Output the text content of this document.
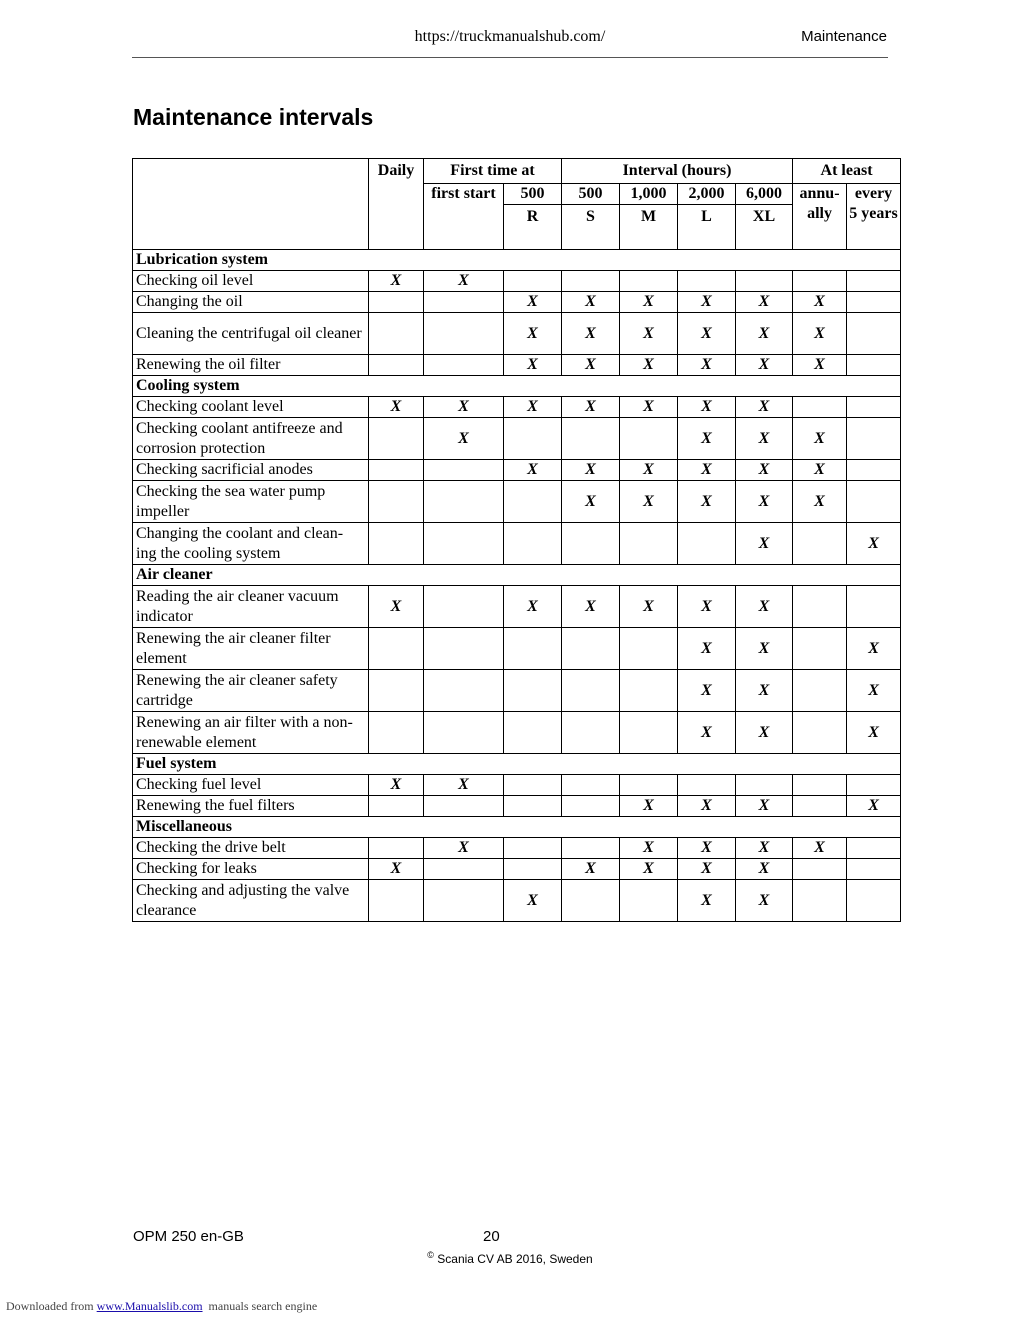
https://truckmanualshub.com/	Maintenance
Maintenance intervals
	Daily	First time at		Interval (hours)				At least	
		first start	500	500	1,000	2,000	6,000	annu- ally	every 5 years
			R	S	M	L	XL		
Lubrication system									
Checking oil level	X	X							
Changing the oil			X	X	X	X	X	X	
Cleaning the centrifugal oil cleaner			X	X	X	X	X	X	
Renewing the oil filter			X	X	X	X	X	X	
Cooling system									
Checking coolant level	X	X	X	X	X	X	X		
Checking coolant antifreeze and corrosion protection		X				X	X	X	
Checking sacrificial anodes			X	X	X	X	X	X	
Checking the sea water pump impeller				X	X	X	X	X	
Changing the coolant and clean- ing the cooling system							X		X
Air cleaner									
Reading the air cleaner vacuum indicator	X		X	X	X	X	X		
Renewing the air cleaner filter element						X	X		X
Renewing the air cleaner safety cartridge						X	X		X
Renewing an air filter with a non-renewable element						X	X		X
Fuel system									
Checking fuel level	X	X							
Renewing the fuel filters					X	X	X		X
Miscellaneous									
Checking the drive belt		X			X	X	X	X	
Checking for leaks	X			X	X	X	X		
Checking and adjusting the valve clearance			X			X	X		
OPM 250 en-GB	20
© Scania CV AB 2016, Sweden
Downloaded from www.Manualslib.com manuals search engine
